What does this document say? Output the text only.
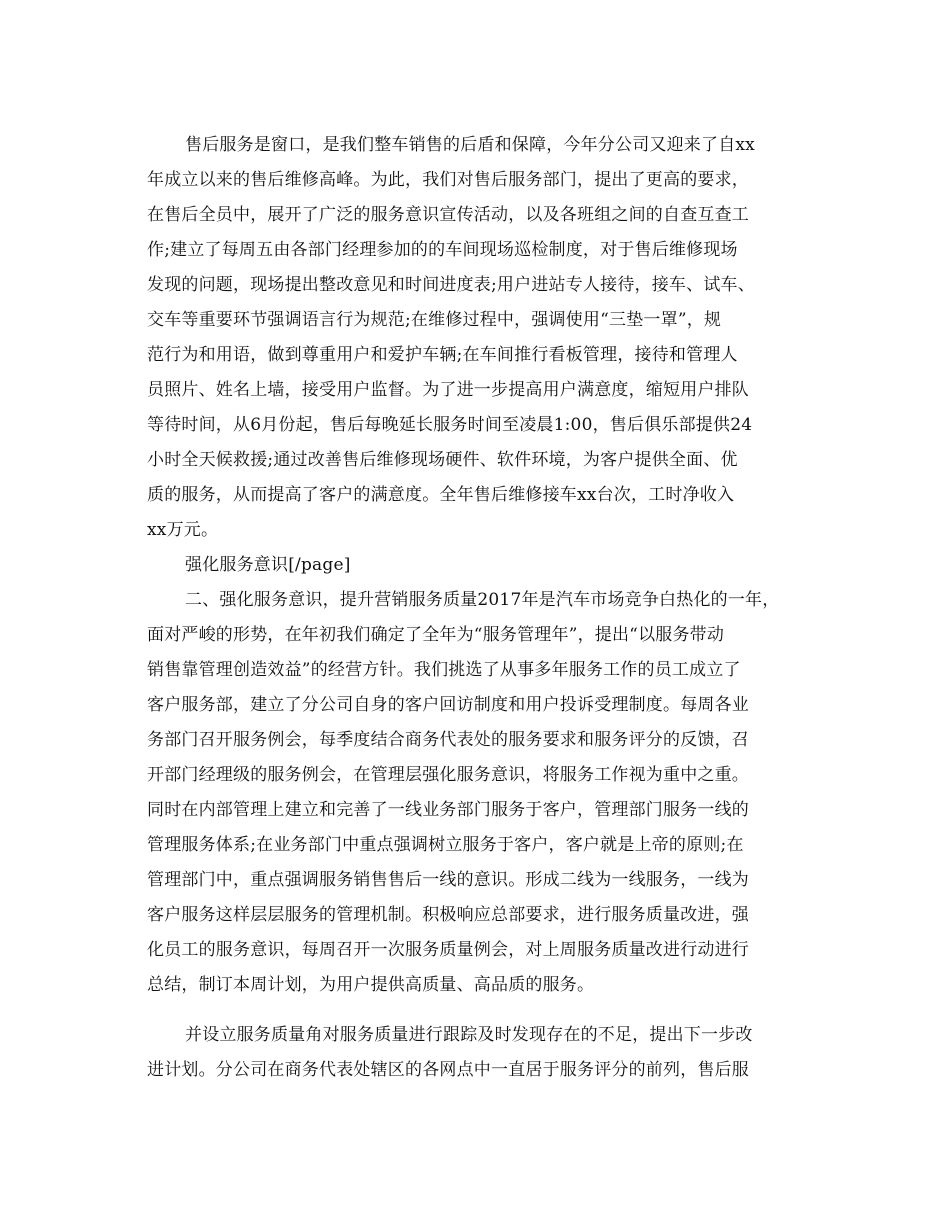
售后服务是窗口，是我们整车销售的后盾和保障，今年分公司又迎来了自xx
年成立以来的售后维修高峰。为此，我们对售后服务部门，提出了更高的要求，
在售后全员中，展开了广泛的服务意识宣传活动，以及各班组之间的自查互查工
作;建立了每周五由各部门经理参加的的车间现场巡检制度，对于售后维修现场
发现的问题，现场提出整改意见和时间进度表;用户进站专人接待，接车、试车、
交车等重要环节强调语言行为规范;在维修过程中，强调使用“三垫一罩”，规
范行为和用语，做到尊重用户和爱护车辆;在车间推行看板管理，接待和管理人
员照片、姓名上墙，接受用户监督。为了进一步提高用户满意度，缩短用户排队
等待时间，从6月份起，售后每晚延长服务时间至凌晨1:00，售后俱乐部提供24
小时全天候救援;通过改善售后维修现场硬件、软件环境，为客户提供全面、优
质的服务，从而提高了客户的满意度。全年售后维修接车xx台次，工时净收入
xx万元。
强化服务意识[/page]
二、强化服务意识，提升营销服务质量2017年是汽车市场竞争白热化的一年，
面对严峻的形势，在年初我们确定了全年为“服务管理年”，提出“以服务带动
销售靠管理创造效益”的经营方针。我们挑选了从事多年服务工作的员工成立了
客户服务部，建立了分公司自身的客户回访制度和用户投诉受理制度。每周各业
务部门召开服务例会，每季度结合商务代表处的服务要求和服务评分的反馈，召
开部门经理级的服务例会，在管理层强化服务意识，将服务工作视为重中之重。
同时在内部管理上建立和完善了一线业务部门服务于客户，管理部门服务一线的
管理服务体系;在业务部门中重点强调树立服务于客户，客户就是上帝的原则;在
管理部门中，重点强调服务销售售后一线的意识。形成二线为一线服务，一线为
客户服务这样层层服务的管理机制。积极响应总部要求，进行服务质量改进，强
化员工的服务意识，每周召开一次服务质量例会，对上周服务质量改进行动进行
总结，制订本周计划，为用户提供高质量、高品质的服务。
并设立服务质量角对服务质量进行跟踪及时发现存在的不足，提出下一步改
进计划。分公司在商务代表处辖区的各网点中一直居于服务评分的前列，售后服
